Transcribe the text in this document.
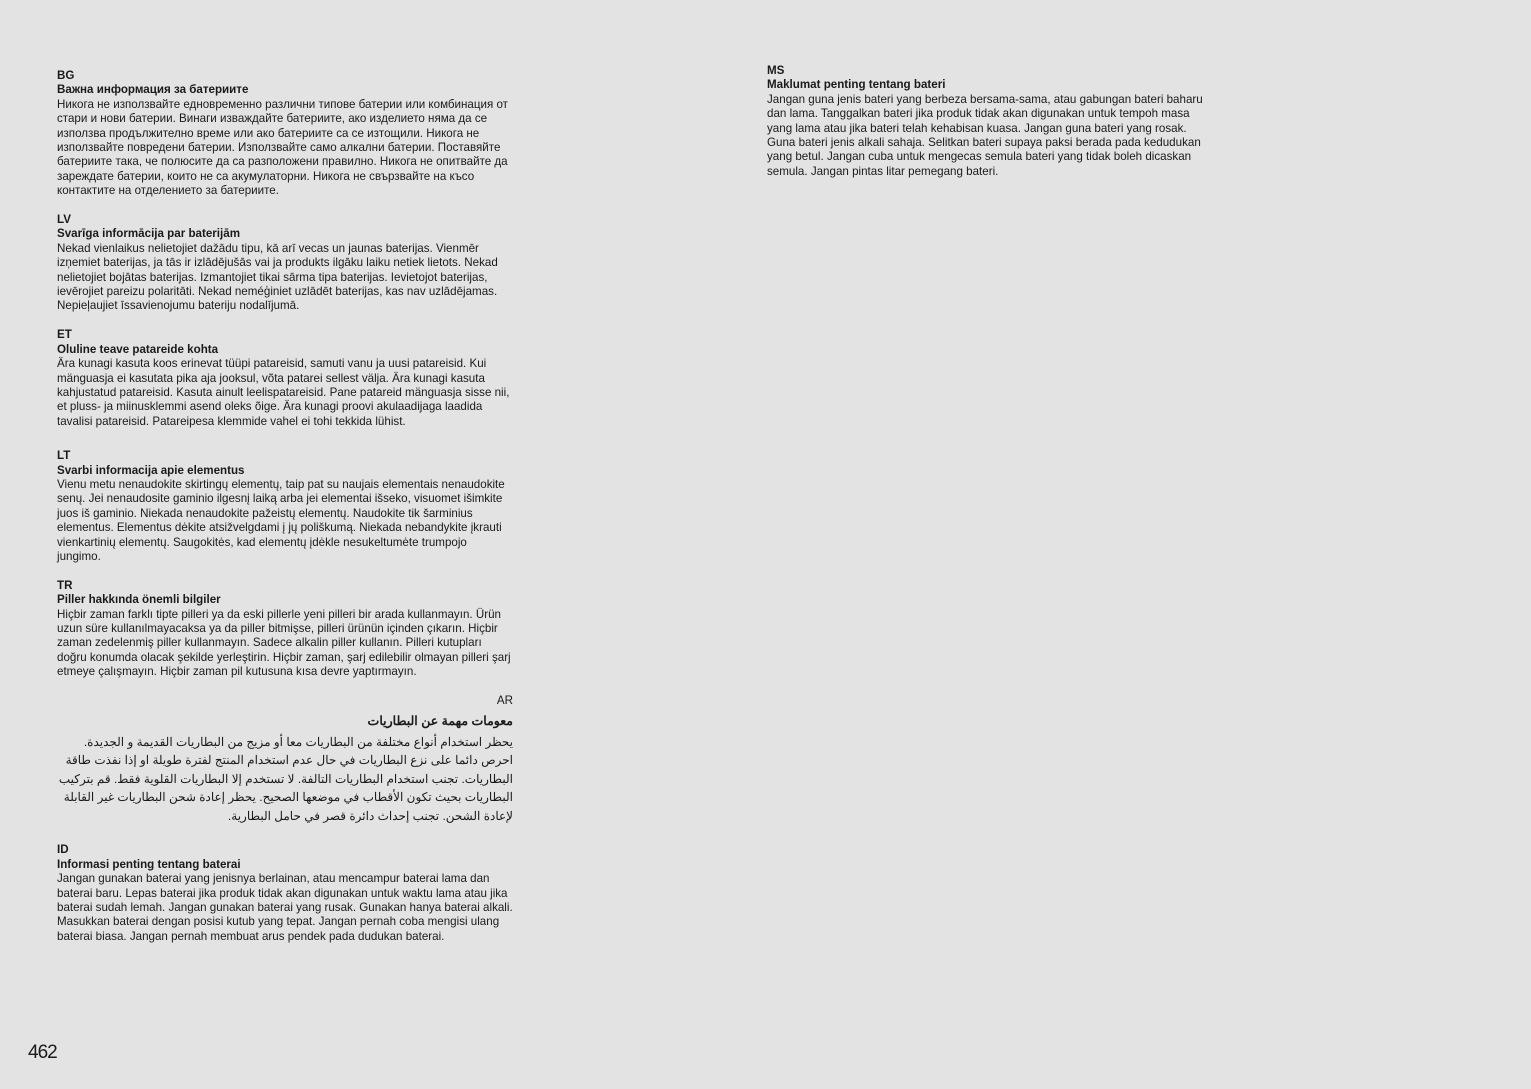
BG
Важна информация за батериите
Никога не използвайте едновременно различни типове батерии или комбинация от стари и нови батерии. Винаги изваждайте батериите, ако изделието няма да се използва продължително време или ако батериите са се изтощили. Никога не използвайте повредени батерии. Използвайте само алкални батерии. Поставяйте батериите така, че полюсите да са разположени правилно. Никога не опитвайте да зареждате батерии, които не са акумулаторни. Никога не свързвайте на късо контактите на отделението за батериите.
LV
Svarīga informācija par baterijām
Nekad vienlaikus nelietojiet dažādu tipu, kā arī vecas un jaunas baterijas. Vienmēr izņemiet baterijas, ja tās ir izlādējušās vai ja produkts ilgāku laiku netiek lietots. Nekad nelietojiet bojātas baterijas. Izmantojiet tikai sārma tipa baterijas. Ievietojot baterijas, ievērojiet pareizu polaritāti. Nekad neméģiniet uzlādēt baterijas, kas nav uzlādējamas. Nepieļaujiet īssavienojumu bateriju nodalījumā.
ET
Oluline teave patareide kohta
Ära kunagi kasuta koos erinevat tüüpi patareisid, samuti vanu ja uusi patareisid. Kui mänguasja ei kasutata pika aja jooksul, võta patarei sellest välja. Ära kunagi kasuta kahjustatud patareisid. Kasuta ainult leelispatareisid. Pane patareid mänguasja sisse nii, et pluss- ja miinusklemmi asend oleks õige. Ära kunagi proovi akulaadijaga laadida tavalisi patareisid. Patareipesa klemmide vahel ei tohi tekkida lühist.
LT
Svarbi informacija apie elementus
Vienu metu nenaudokite skirtingų elementų, taip pat su naujais elementais nenaudokite senų. Jei nenaudosite gaminio ilgesnį laiką arba jei elementai išseko, visuomet išimkite juos iš gaminio. Niekada nenaudokite pažeistų elementų. Naudokite tik šarminius elementus. Elementus dėkite atsižvelgdami į jų poliškumą. Niekada nebandykite įkrauti vienkartinių elementų. Saugokitės, kad elementų įdėkle nesukeltumėte trumpojo jungimo.
TR
Piller hakkında önemli bilgiler
Hiçbir zaman farklı tipte pilleri ya da eski pillerle yeni pilleri bir arada kullanmayın. Ürün uzun süre kullanılmayacaksa ya da piller bitmişse, pilleri ürünün içinden çıkarın. Hiçbir zaman zedelenmiş piller kullanmayın. Sadece alkalin piller kullanın. Pilleri kutupları doğru konumda olacak şekilde yerleştirin. Hiçbir zaman, şarj edilebilir olmayan pilleri şarj etmeye çalışmayın. Hiçbir zaman pil kutusuna kısa devre yaptırmayın.
AR
معومات مهمة عن البطاريات
يحظر استخدام أنواع مختلفة من البطاريات معا أو مزيج من البطاريات القديمة و الجديدة. احرص دائما على نزع البطاريات في حال عدم استخدام المنتج لفترة طويلة او إذا نفذت طاقة البطاريات. تجنب استخدام البطاريات التالفة. لا تستخدم إلا البطاريات القلوية فقط. قم بتركيب البطاريات بحيث تكون الأقطاب في موضعها الصحيح. يحظر إعادة شحن البطاريات غير القابلة لإعادة الشحن. تجنب إحداث دائرة قصر في حامل البطارية.
ID
Informasi penting tentang baterai
Jangan gunakan baterai yang jenisnya berlainan, atau mencampur baterai lama dan baterai baru. Lepas baterai jika produk tidak akan digunakan untuk waktu lama atau jika baterai sudah lemah. Jangan gunakan baterai yang rusak. Gunakan hanya baterai alkali. Masukkan baterai dengan posisi kutub yang tepat. Jangan pernah coba mengisi ulang baterai biasa. Jangan pernah membuat arus pendek pada dudukan baterai.
MS
Maklumat penting tentang bateri
Jangan guna jenis bateri yang berbeza bersama-sama, atau gabungan bateri baharu dan lama. Tanggalkan bateri jika produk tidak akan digunakan untuk tempoh masa yang lama atau jika bateri telah kehabisan kuasa. Jangan guna bateri yang rosak. Guna bateri jenis alkali sahaja. Selitkan bateri supaya paksi berada pada kedudukan yang betul. Jangan cuba untuk mengecas semula bateri yang tidak boleh dicaskan semula. Jangan pintas litar pemegang bateri.
462
